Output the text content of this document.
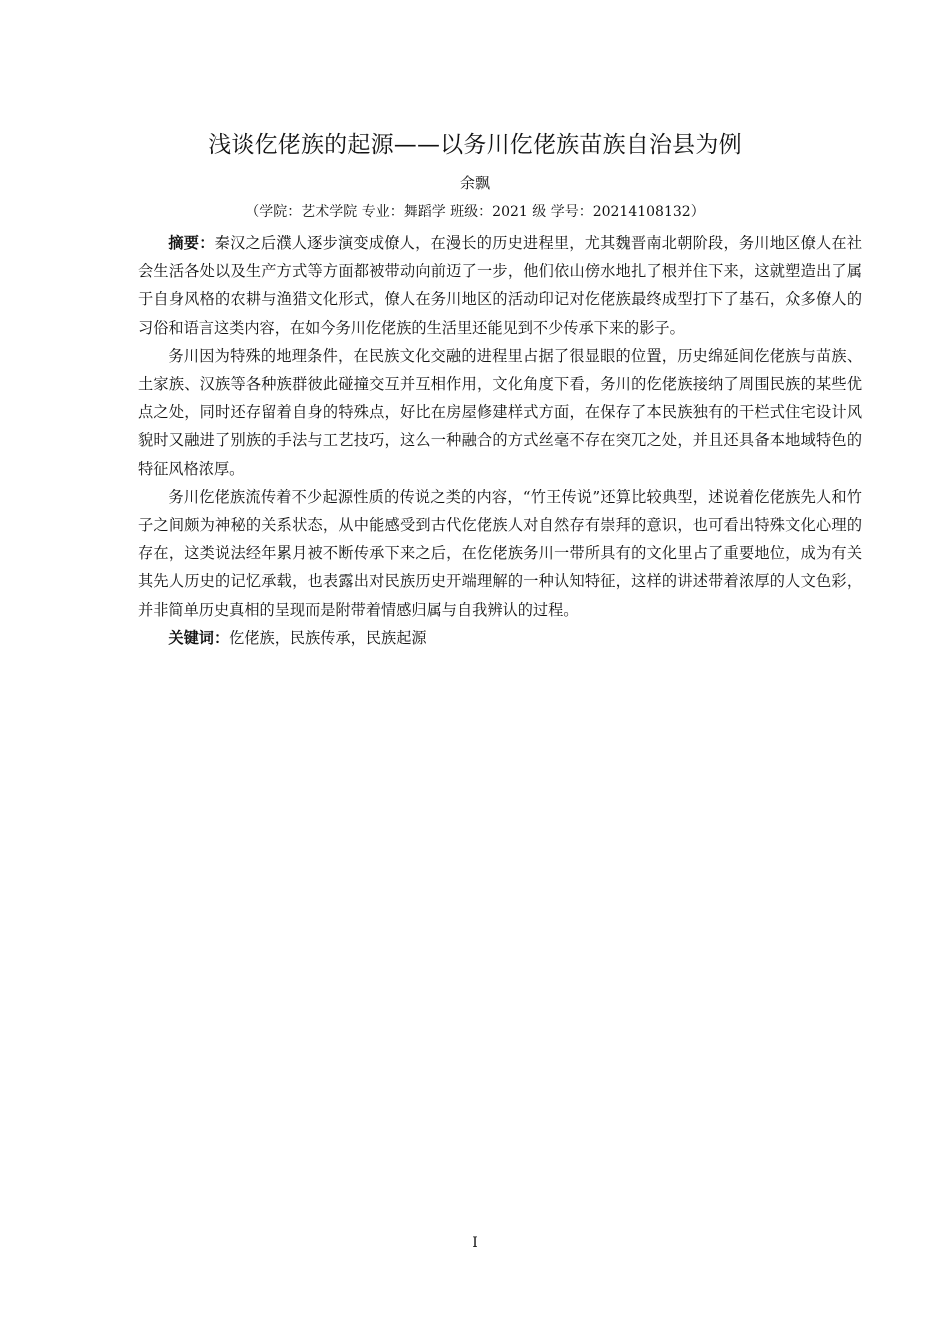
浅谈仡佬族的起源——以务川仡佬族苗族自治县为例
余飘
（学院：艺术学院 专业：舞蹈学 班级：2021 级 学号：20214108132）

摘要：秦汉之后濮人逐步演变成僚人，在漫长的历史进程里，尤其魏晋南北朝阶段，务川地区僚人在社会生活各处以及生产方式等方面都被带动向前迈了一步，他们依山傍水地扎了根并住下来，这就塑造出了属于自身风格的农耕与渔猎文化形式，僚人在务川地区的活动印记对仡佬族最终成型打下了基石，众多僚人的习俗和语言这类内容，在如今务川仡佬族的生活里还能见到不少传承下来的影子。

务川因为特殊的地理条件，在民族文化交融的进程里占据了很显眼的位置，历史绵延间仡佬族与苗族、土家族、汉族等各种族群彼此碰撞交互并互相作用，文化角度下看，务川的仡佬族接纳了周围民族的某些优点之处，同时还存留着自身的特殊点，好比在房屋修建样式方面，在保存了本民族独有的干栏式住宅设计风貌时又融进了别族的手法与工艺技巧，这么一种融合的方式丝毫不存在突兀之处，并且还具备本地域特色的特征风格浓厚。

务川仡佬族流传着不少起源性质的传说之类的内容，“竹王传说”还算比较典型，述说着仡佬族先人和竹子之间颇为神秘的关系状态，从中能感受到古代仡佬族人对自然存有崇拜的意识，也可看出特殊文化心理的存在，这类说法经年累月被不断传承下来之后，在仡佬族务川一带所具有的文化里占了重要地位，成为有关其先人历史的记忆承载，也表露出对民族历史开端理解的一种认知特征，这样的讲述带着浓厚的人文色彩，并非简单历史真相的呈现而是附带着情感归属与自我辨认的过程。

关键词：仡佬族，民族传承，民族起源

I
